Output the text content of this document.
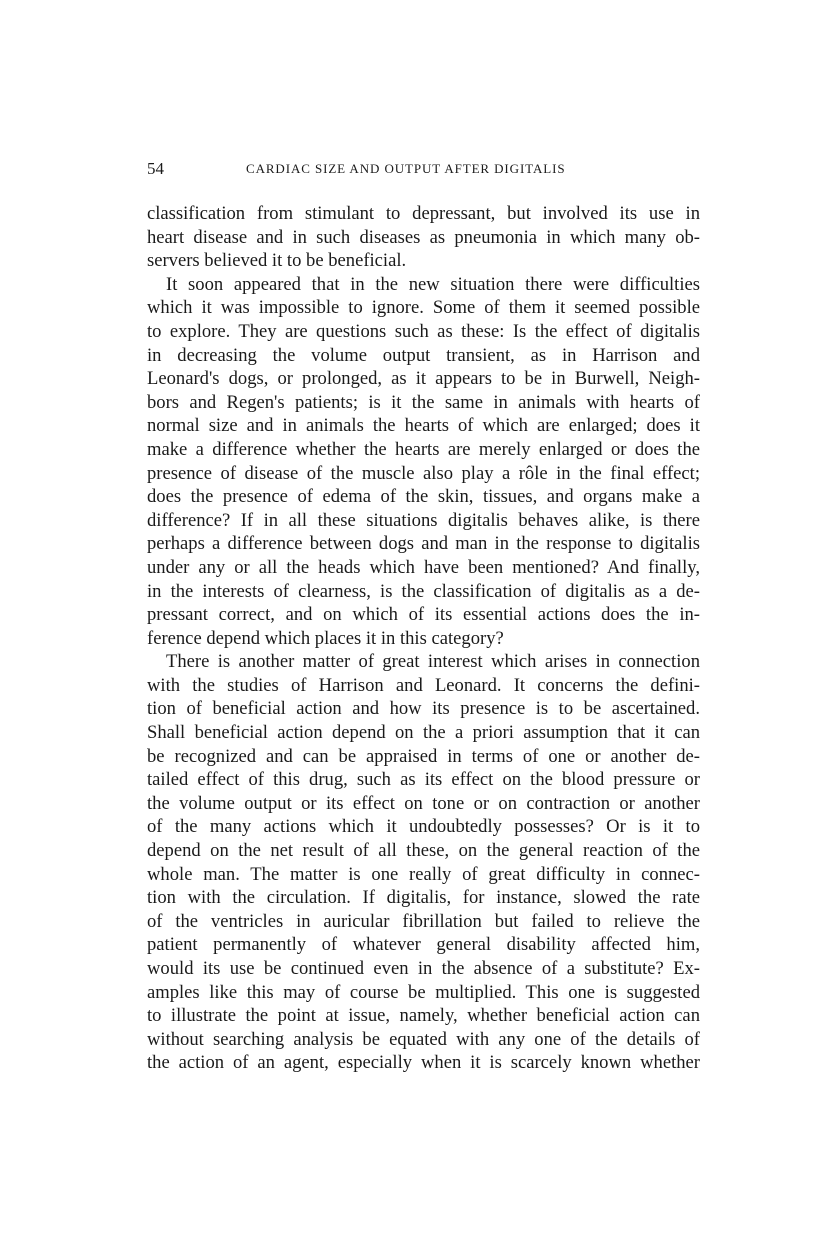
54	CARDIAC SIZE AND OUTPUT AFTER DIGITALIS
classification from stimulant to depressant, but involved its use in
heart disease and in such diseases as pneumonia in which many ob-
servers believed it to be beneficial.
It soon appeared that in the new situation there were difficulties
which it was impossible to ignore. Some of them it seemed possible
to explore. They are questions such as these: Is the effect of digitalis
in decreasing the volume output transient, as in Harrison and
Leonard's dogs, or prolonged, as it appears to be in Burwell, Neigh-
bors and Regen's patients; is it the same in animals with hearts of
normal size and in animals the hearts of which are enlarged; does it
make a difference whether the hearts are merely enlarged or does the
presence of disease of the muscle also play a rôle in the final effect;
does the presence of edema of the skin, tissues, and organs make a
difference? If in all these situations digitalis behaves alike, is there
perhaps a difference between dogs and man in the response to digitalis
under any or all the heads which have been mentioned? And finally,
in the interests of clearness, is the classification of digitalis as a de-
pressant correct, and on which of its essential actions does the in-
ference depend which places it in this category?
There is another matter of great interest which arises in connection
with the studies of Harrison and Leonard. It concerns the defini-
tion of beneficial action and how its presence is to be ascertained.
Shall beneficial action depend on the a priori assumption that it can
be recognized and can be appraised in terms of one or another de-
tailed effect of this drug, such as its effect on the blood pressure or
the volume output or its effect on tone or on contraction or another
of the many actions which it undoubtedly possesses? Or is it to
depend on the net result of all these, on the general reaction of the
whole man. The matter is one really of great difficulty in connec-
tion with the circulation. If digitalis, for instance, slowed the rate
of the ventricles in auricular fibrillation but failed to relieve the
patient permanently of whatever general disability affected him,
would its use be continued even in the absence of a substitute? Ex-
amples like this may of course be multiplied. This one is suggested
to illustrate the point at issue, namely, whether beneficial action can
without searching analysis be equated with any one of the details of
the action of an agent, especially when it is scarcely known whether
